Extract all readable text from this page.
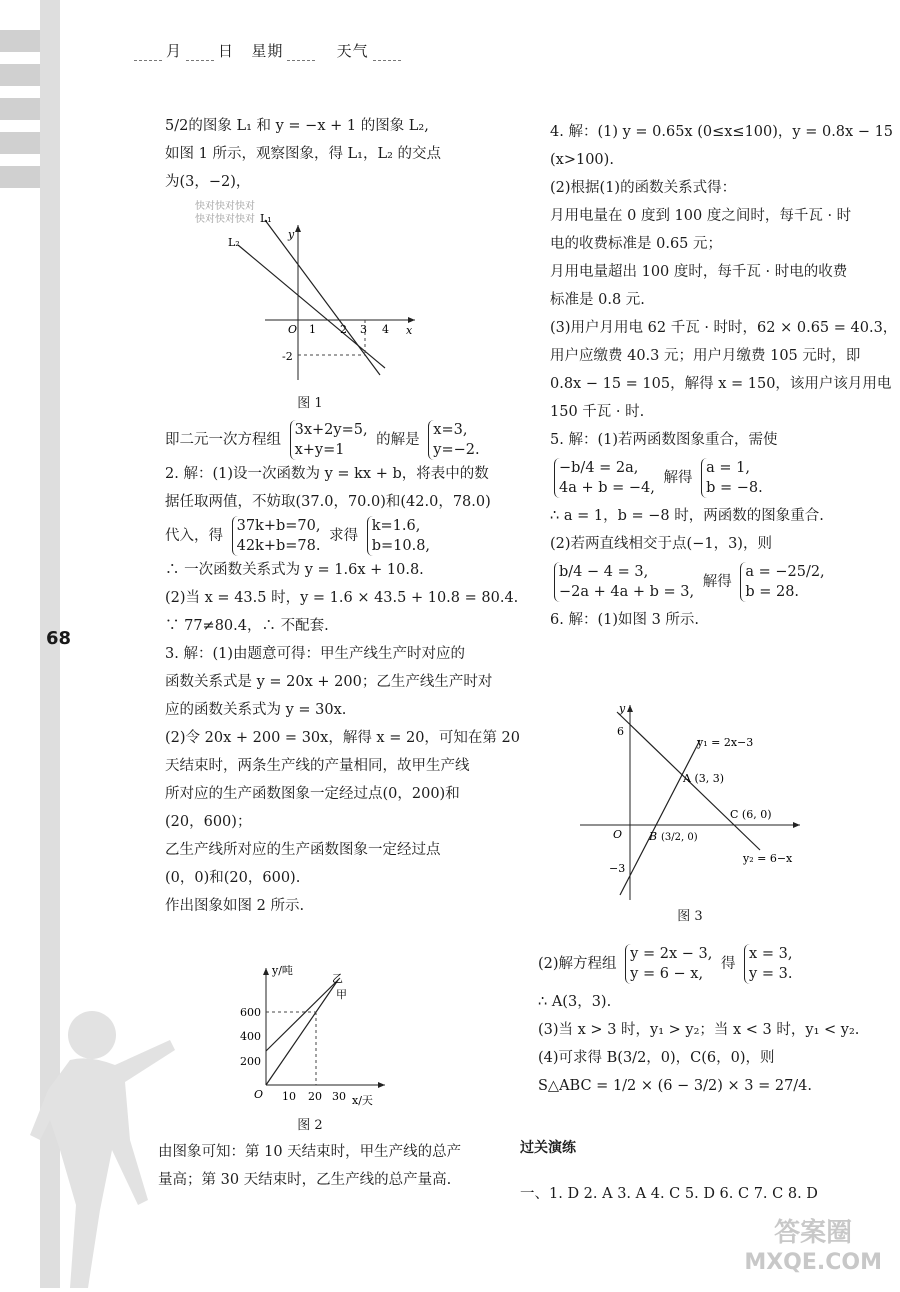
月 日 星期	天气
68

5/2的图象 L₁ 和 y = −x + 1 的图象 L₂,

如图 1 所示，观察图象，得 L₁，L₂ 的交点

为(3，−2)，

L₁
L₂
y
x
O 1 2 3 4
-2
快对快对快对
快对快对快对
图 1

即二元一次方程组 3x+2y=5,
x+y=1 的解是 x=3,
y=−2.

2. 解：(1)设一次函数为 y = kx + b，将表中的数

据任取两值，不妨取(37.0，70.0)和(42.0，78.0)

代入，得 37k+b=70,
42k+b=78. 求得 k=1.6,
b=10.8,

∴ 一次函数关系式为 y = 1.6x + 10.8.

(2)当 x = 43.5 时，y = 1.6 × 43.5 + 10.8 = 80.4.

∵ 77≠80.4，∴ 不配套.

3. 解：(1)由题意可得：甲生产线生产时对应的

函数关系式是 y = 20x + 200；乙生产线生产时对

应的函数关系式为 y = 30x.

(2)令 20x + 200 = 30x，解得 x = 20，可知在第 20

天结束时，两条生产线的产量相同，故甲生产线

所对应的生产函数图象一定经过点(0，200)和

(20，600)；

乙生产线所对应的生产函数图象一定经过点

(0，0)和(20，600).

作出图象如图 2 所示.

y/吨
乙
甲
600
400
200
O 10 20 30 x/天
图 2

由图象可知：第 10 天结束时，甲生产线的总产

量高；第 30 天结束时，乙生产线的总产量高.

4. 解：(1) y = 0.65x (0≤x≤100)，y = 0.8x − 15

(x>100).

(2)根据(1)的函数关系式得：

月用电量在 0 度到 100 度之间时，每千瓦 · 时

电的收费标准是 0.65 元；

月用电量超出 100 度时，每千瓦 · 时电的收费

标准是 0.8 元.

(3)用户月用电 62 千瓦 · 时时，62 × 0.65 = 40.3，

用户应缴费 40.3 元；用户月缴费 105 元时，即

0.8x − 15 = 105，解得 x = 150，该用户该月用电

150 千瓦 · 时.

5. 解：(1)若两函数图象重合，需使

−b/4 = 2a,
4a + b = −4, 解得 a = 1,
b = −8.

∴ a = 1，b = −8 时，两函数的图象重合.

(2)若两直线相交于点(−1，3)，则

b/4 − 4 = 3,
−2a + 4a + b = 3, 解得 a = −25/2,
b = 28.

6. 解：(1)如图 3 所示.

y
6
y₁ = 2x−3
A (3, 3)
C (6, 0)
O B (3/2, 0)
−3
y₂ = 6−x
图 3

(2)解方程组 y = 2x − 3,
y = 6 − x, 得 x = 3,
y = 3.

∴ A(3，3).

(3)当 x > 3 时，y₁ > y₂；当 x < 3 时，y₁ < y₂.

(4)可求得 B(3/2，0)，C(6，0)，则

S△ABC = 1/2 × (6 − 3/2) × 3 = 27/4.

过关演练

一、1. D 2. A 3. A 4. C 5. D 6. C 7. C 8. D

答案圈
MXQE.COM
